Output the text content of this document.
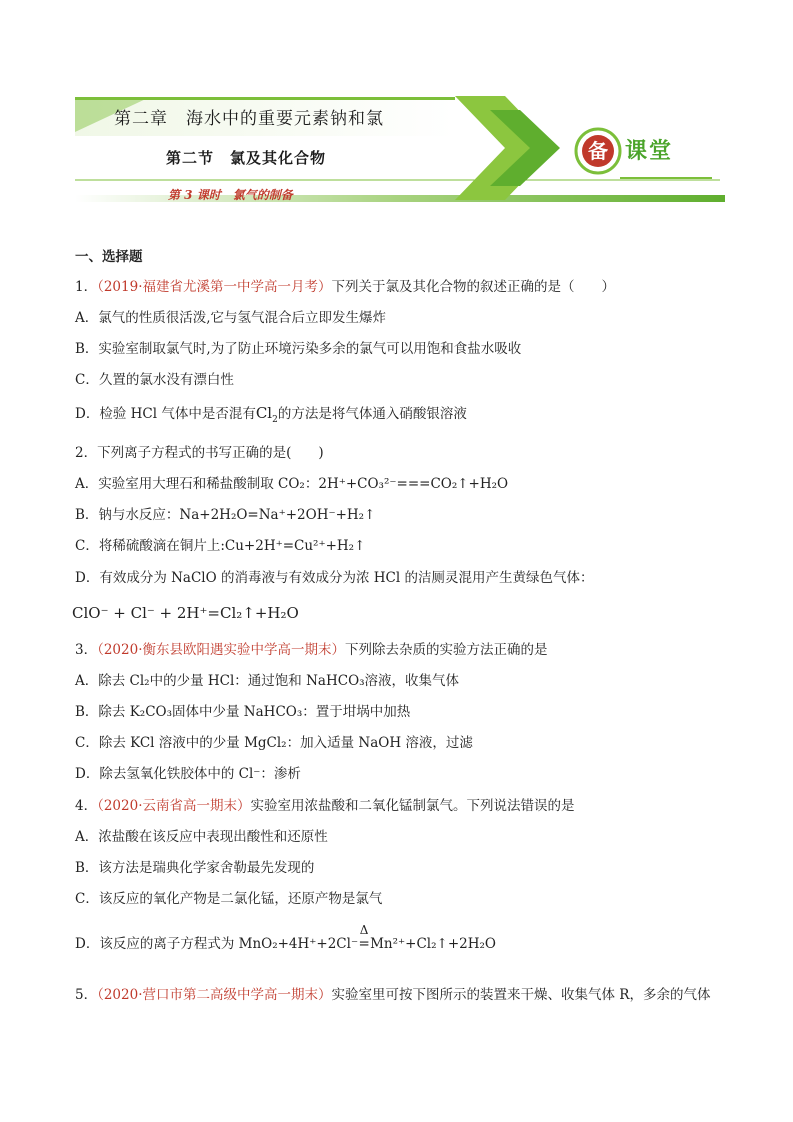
第二章　海水中的重要元素钠和氯
第二节　氯及其化合物
第 3 课时　氯气的制备
备 课堂
一、选择题
1．（2019·福建省尤溪第一中学高一月考）下列关于氯及其化合物的叙述正确的是（　　）
A．氯气的性质很活泼,它与氢气混合后立即发生爆炸
B．实验室制取氯气时,为了防止环境污染多余的氯气可以用饱和食盐水吸收
C．久置的氯水没有漂白性
D．检验 HCl 气体中是否混有$Cl_2$的方法是将气体通入硝酸银溶液
2．下列离子方程式的书写正确的是(　　)
A．实验室用大理石和稀盐酸制取 CO₂：2H⁺+CO₃²⁻===CO₂↑+H₂O
B．钠与水反应：Na+2H₂O=Na⁺+2OH⁻+H₂↑
C．将稀硫酸滴在铜片上:Cu+2H⁺=Cu²⁺+H₂↑
D．有效成分为 NaClO 的消毒液与有效成分为浓 HCl 的洁厕灵混用产生黄绿色气体：
ClO⁻ + Cl⁻ + 2H⁺=Cl₂↑+H₂O
3．（2020·衡东县欧阳遇实验中学高一期末）下列除去杂质的实验方法正确的是
A．除去 Cl₂中的少量 HCl：通过饱和 NaHCO₃溶液，收集气体
B．除去 K₂CO₃固体中少量 NaHCO₃：置于坩埚中加热
C．除去 KCl 溶液中的少量 MgCl₂：加入适量 NaOH 溶液，过滤
D．除去氢氧化铁胶体中的 Cl⁻：渗析
4．（2020·云南省高一期末）实验室用浓盐酸和二氧化锰制氯气。下列说法错误的是
A．浓盐酸在该反应中表现出酸性和还原性
B．该方法是瑞典化学家舍勒最先发现的
C．该反应的氧化产物是二氯化锰，还原产物是氯气
D．该反应的离子方程式为 MnO₂+4H⁺+2Cl⁻
Δ
=Mn²⁺+Cl₂↑+2H₂O
5．（2020·营口市第二高级中学高一期末）实验室里可按下图所示的装置来干燥、收集气体 R，多余的气体
